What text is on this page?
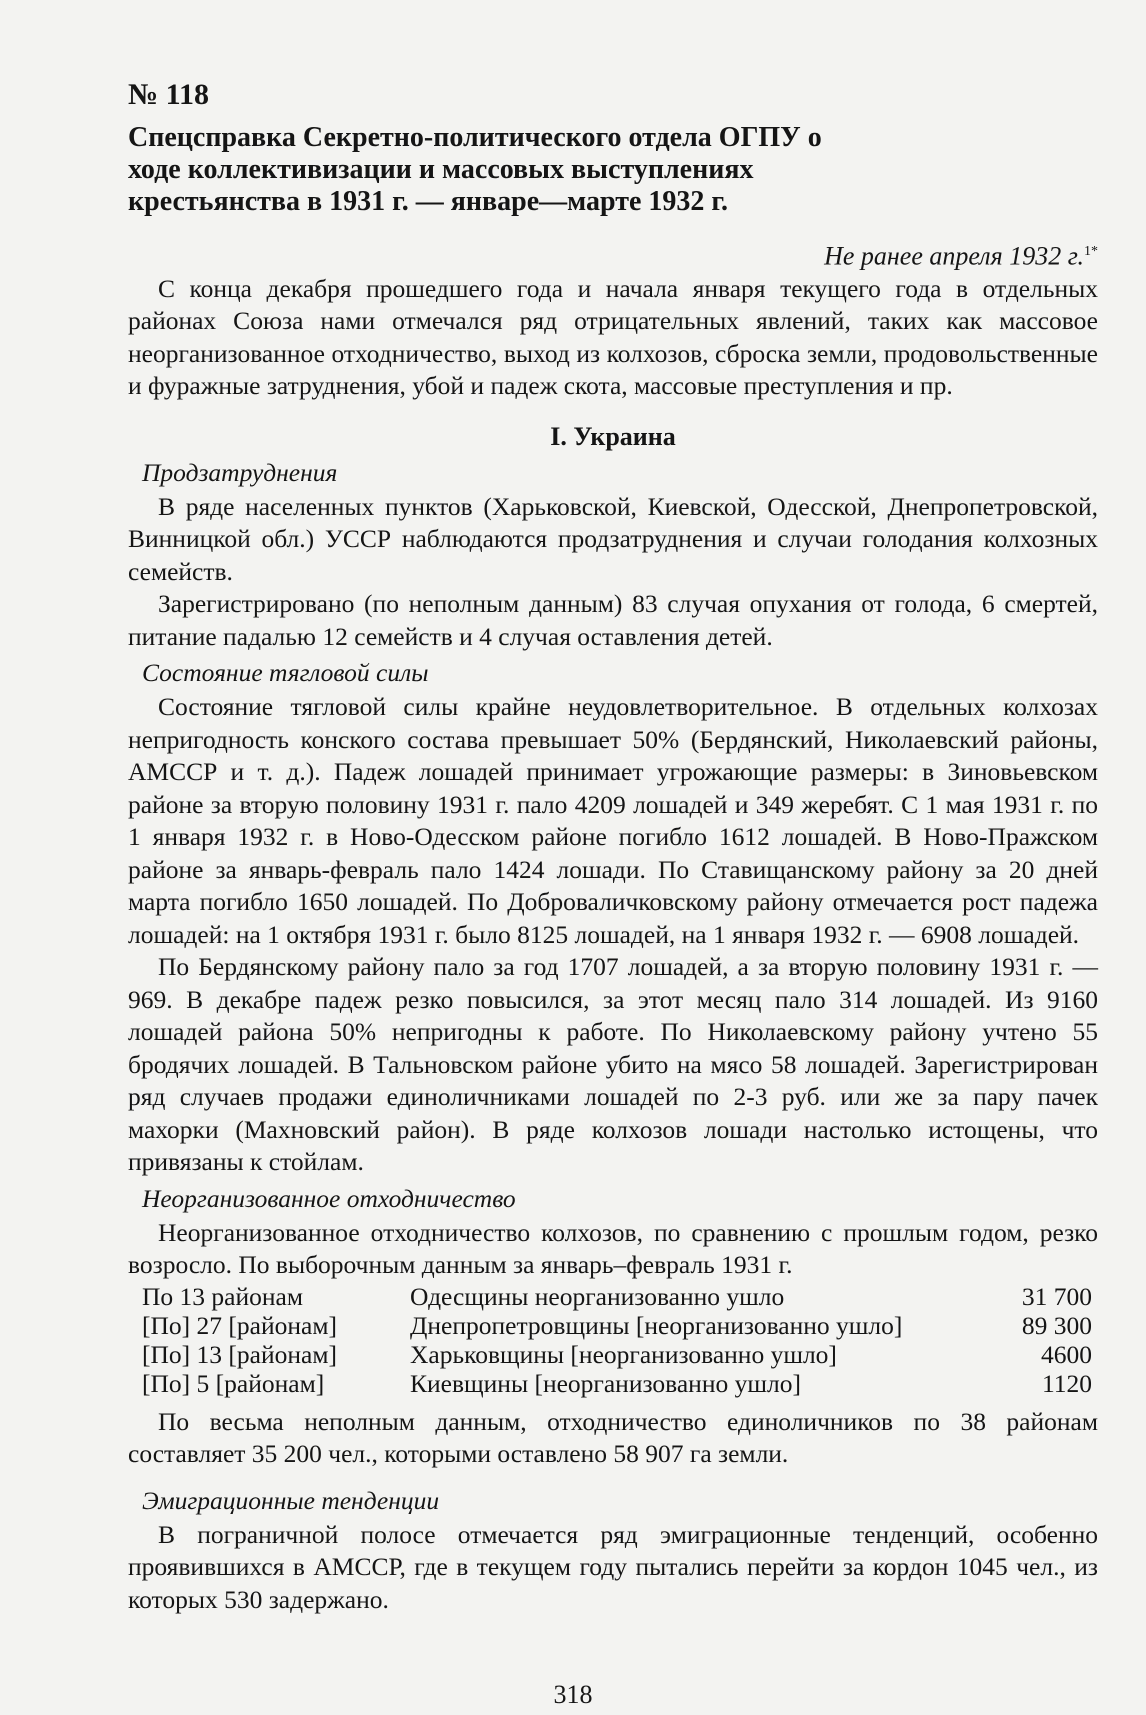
№ 118
Спецсправка Секретно-политического отдела ОГПУ о ходе коллективизации и массовых выступлениях крестьянства в 1931 г. — январе—марте 1932 г.
Не ранее апреля 1932 г.$^{1*}$

С конца декабря прошедшего года и начала января текущего года в отдельных районах Союза нами отмечался ряд отрицательных явлений, таких как массовое неорганизованное отходничество, выход из колхозов, сброска земли, продовольственные и фуражные затруднения, убой и падеж скота, массовые преступления и пр.

I. Украина
Продзатруднения

В ряде населенных пунктов (Харьковской, Киевской, Одесской, Днепропетровской, Винницкой обл.) УССР наблюдаются продзатруднения и случаи голодания колхозных семейств.

Зарегистрировано (по неполным данным) 83 случая опухания от голода, 6 смертей, питание падалью 12 семейств и 4 случая оставления детей.

Состояние тягловой силы

Состояние тягловой силы крайне неудовлетворительное. В отдельных колхозах непригодность конского состава превышает 50% (Бердянский, Николаевский районы, АМССР и т. д.). Падеж лошадей принимает угрожающие размеры: в Зиновьевском районе за вторую половину 1931 г. пало 4209 лошадей и 349 жеребят. С 1 мая 1931 г. по 1 января 1932 г. в Ново-Одесском районе погибло 1612 лошадей. В Ново-Пражском районе за январь-февраль пало 1424 лошади. По Ставищанскому району за 20 дней марта погибло 1650 лошадей. По Доброваличковскому району отмечается рост падежа лошадей: на 1 октября 1931 г. было 8125 лошадей, на 1 января 1932 г. — 6908 лошадей.

По Бердянскому району пало за год 1707 лошадей, а за вторую половину 1931 г. — 969. В декабре падеж резко повысился, за этот месяц пало 314 лошадей. Из 9160 лошадей района 50% непригодны к работе. По Николаевскому району учтено 55 бродячих лошадей. В Тальновском районе убито на мясо 58 лошадей. Зарегистрирован ряд случаев продажи единоличниками лошадей по 2-3 руб. или же за пару пачек махорки (Махновский район). В ряде колхозов лошади настолько истощены, что привязаны к стойлам.

Неорганизованное отходничество

Неорганизованное отходничество колхозов, по сравнению с прошлым годом, резко возросло. По выборочным данным за январь–февраль 1931 г.

По 13 районам	Одесщины неорганизованно ушло	31 700
[По] 27 [районам]	Днепропетровщины [неорганизованно ушло]	89 300
[По] 13 [районам]	Харьковщины [неорганизованно ушло]	4600
[По] 5 [районам]	Киевщины [неорганизованно ушло]	1120

По весьма неполным данным, отходничество единоличников по 38 районам составляет 35 200 чел., которыми оставлено 58 907 га земли.

Эмиграционные тенденции

В пограничной полосе отмечается ряд эмиграционные тенденций, особенно проявившихся в АМССР, где в текущем году пытались перейти за кордон 1045 чел., из которых 530 задержано.

318
